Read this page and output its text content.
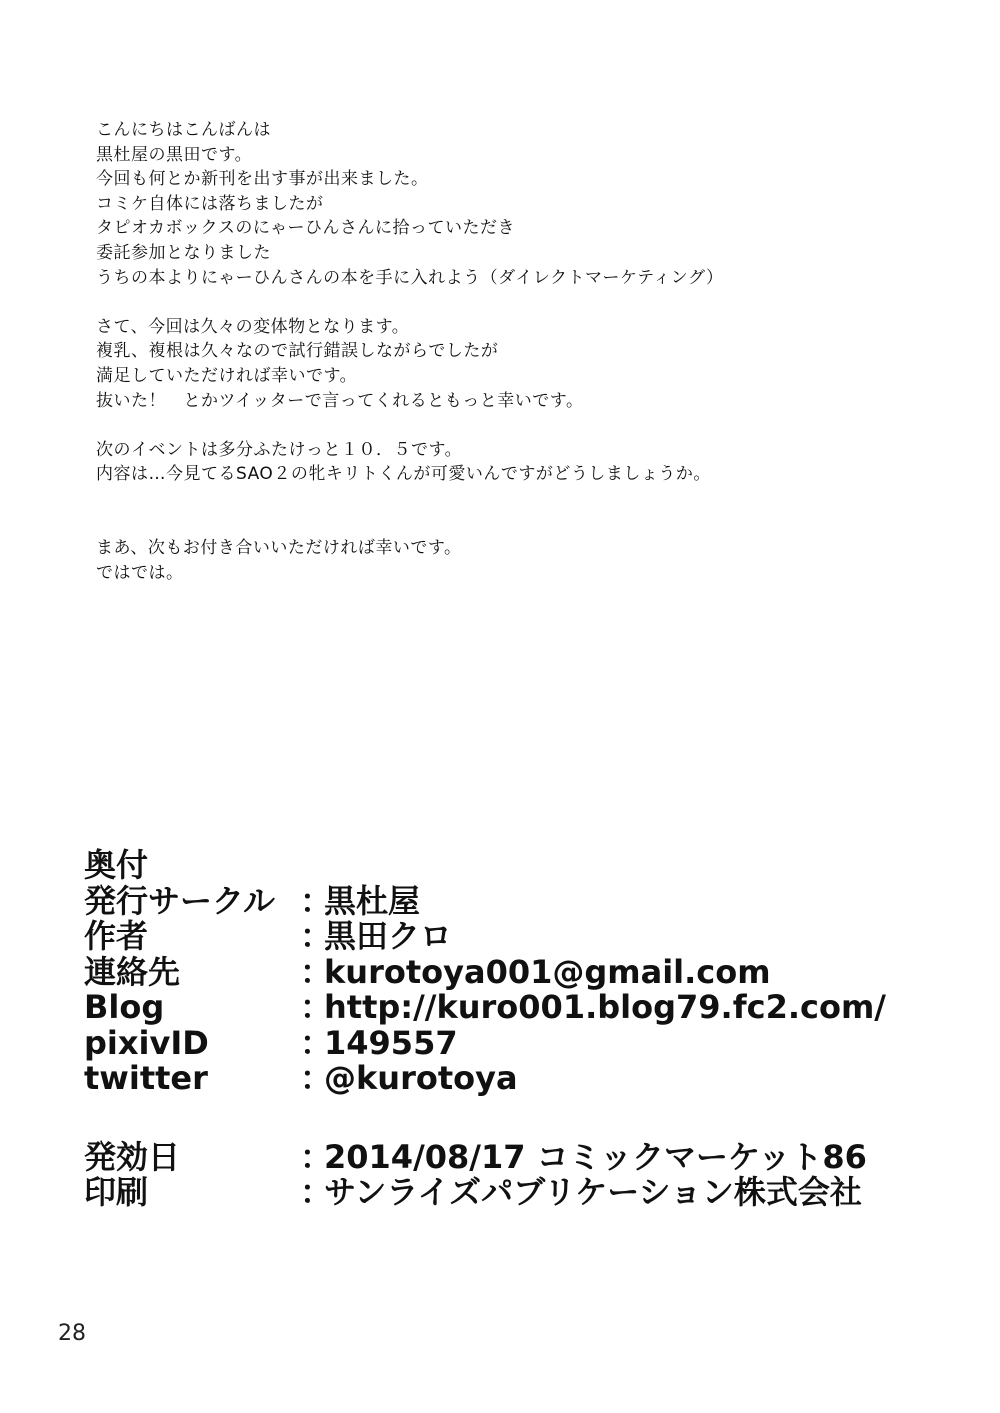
こんにちはこんばんは
黒杜屋の黒田です。
今回も何とか新刊を出す事が出来ました。
コミケ自体には落ちましたが
タピオカボックスのにゃーひんさんに拾っていただき
委託参加となりました
うちの本よりにゃーひんさんの本を手に入れよう（ダイレクトマーケティング）
さて、今回は久々の変体物となります。
複乳、複根は久々なので試行錯誤しながらでしたが
満足していただければ幸いです。
抜いた！　とかツイッターで言ってくれるともっと幸いです。
次のイベントは多分ふたけっと１０．５です。
内容は…今見てるSAO２の牝キリトくんが可愛いんですがどうしましょうか。
まあ、次もお付き合いいただければ幸いです。
ではでは。
奥付
発行サークル ：
黒杜屋
作者	：
黒田クロ
連絡先	：
kurotoya001@gmail.com
Blog	：
http://kuro001.blog79.fc2.com/
pixivID	：
149557
twitter	：
@kurotoya
発効日	：
2014/08/17 コミックマーケット86
印刷	：
サンライズパブリケーション株式会社
28
